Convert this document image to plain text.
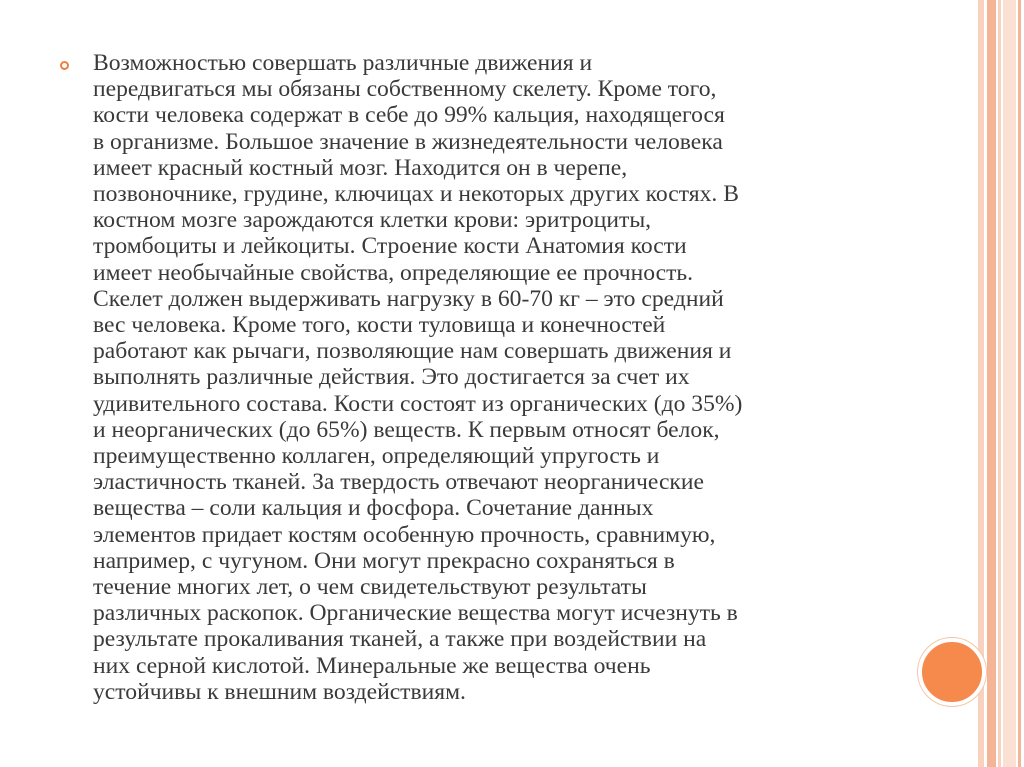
Возможностью совершать различные движения и
передвигаться мы обязаны собственному скелету. Кроме того,
кости человека содержат в себе до 99% кальция, находящегося
в организме. Большое значение в жизнедеятельности человека
имеет красный костный мозг. Находится он в черепе,
позвоночнике, грудине, ключицах и некоторых других костях. В
костном мозге зарождаются клетки крови: эритроциты,
тромбоциты и лейкоциты. Строение кости Анатомия кости
имеет необычайные свойства, определяющие ее прочность.
Скелет должен выдерживать нагрузку в 60-70 кг – это средний
вес человека. Кроме того, кости туловища и конечностей
работают как рычаги, позволяющие нам совершать движения и
выполнять различные действия. Это достигается за счет их
удивительного состава. Кости состоят из органических (до 35%)
и неорганических (до 65%) веществ. К первым относят белок,
преимущественно коллаген, определяющий упругость и
эластичность тканей. За твердость отвечают неорганические
вещества – соли кальция и фосфора. Сочетание данных
элементов придает костям особенную прочность, сравнимую,
например, с чугуном. Они могут прекрасно сохраняться в
течение многих лет, о чем свидетельствуют результаты
различных раскопок. Органические вещества могут исчезнуть в
результате прокаливания тканей, а также при воздействии на
них серной кислотой. Минеральные же вещества очень
устойчивы к внешним воздействиям.
